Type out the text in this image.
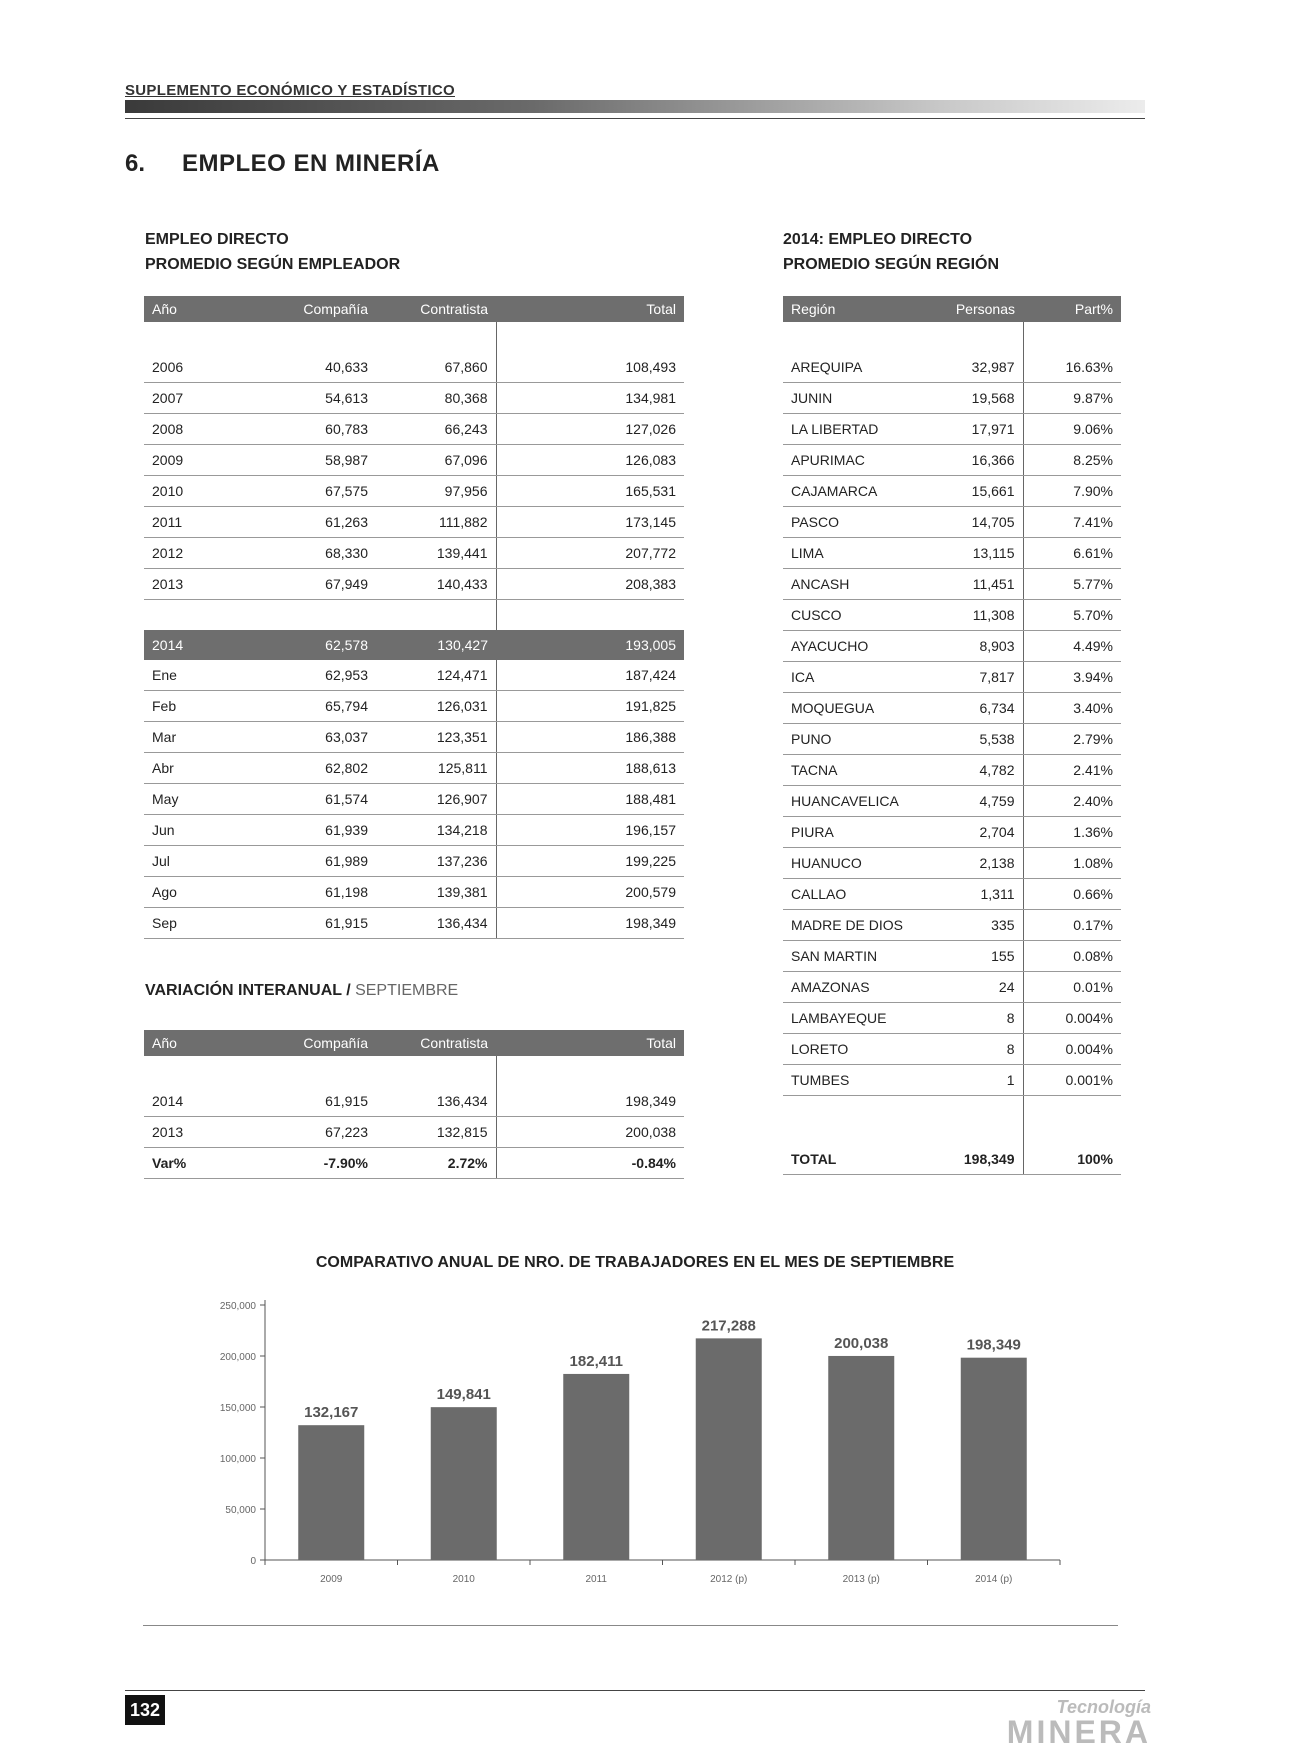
SUPLEMENTO ECONÓMICO Y ESTADÍSTICO
6. EMPLEO EN MINERÍA
EMPLEO DIRECTO
PROMEDIO SEGÚN EMPLEADOR
Año	Compañía	Contratista	Total

2006	40,633	67,860	108,493
2007	54,613	80,368	134,981
2008	60,783	66,243	127,026
2009	58,987	67,096	126,083
2010	67,575	97,956	165,531
2011	61,263	111,882	173,145
2012	68,330	139,441	207,772
2013	67,949	140,433	208,383

2014	62,578	130,427	193,005
Ene	62,953	124,471	187,424
Feb	65,794	126,031	191,825
Mar	63,037	123,351	186,388
Abr	62,802	125,811	188,613
May	61,574	126,907	188,481
Jun	61,939	134,218	196,157
Jul	61,989	137,236	199,225
Ago	61,198	139,381	200,579
Sep	61,915	136,434	198,349
VARIACIÓN INTERANUAL / SEPTIEMBRE
Año	Compañía	Contratista	Total

2014	61,915	136,434	198,349
2013	67,223	132,815	200,038
Var%	-7.90%	2.72%	-0.84%
2014: EMPLEO DIRECTO
PROMEDIO SEGÚN REGIÓN
Región	Personas	Part%

AREQUIPA	32,987	16.63%
JUNIN	19,568	9.87%
LA LIBERTAD	17,971	9.06%
APURIMAC	16,366	8.25%
CAJAMARCA	15,661	7.90%
PASCO	14,705	7.41%
LIMA	13,115	6.61%
ANCASH	11,451	5.77%
CUSCO	11,308	5.70%
AYACUCHO	8,903	4.49%
ICA	7,817	3.94%
MOQUEGUA	6,734	3.40%
PUNO	5,538	2.79%
TACNA	4,782	2.41%
HUANCAVELICA	4,759	2.40%
PIURA	2,704	1.36%
HUANUCO	2,138	1.08%
CALLAO	1,311	0.66%
MADRE DE DIOS	335	0.17%
SAN MARTIN	155	0.08%
AMAZONAS	24	0.01%
LAMBAYEQUE	8	0.004%
LORETO	8	0.004%
TUMBES	1	0.001%

TOTAL	198,349	100%
COMPARATIVO ANUAL DE NRO. DE TRABAJADORES EN EL MES DE SEPTIEMBRE
0
50,000
100,000
150,000
200,000
250,000
132,167
2009
149,841
2010
182,411
2011
217,288
2012 (p)
200,038
2013 (p)
198,349
2014 (p)
132	Tecnología
MINERA
